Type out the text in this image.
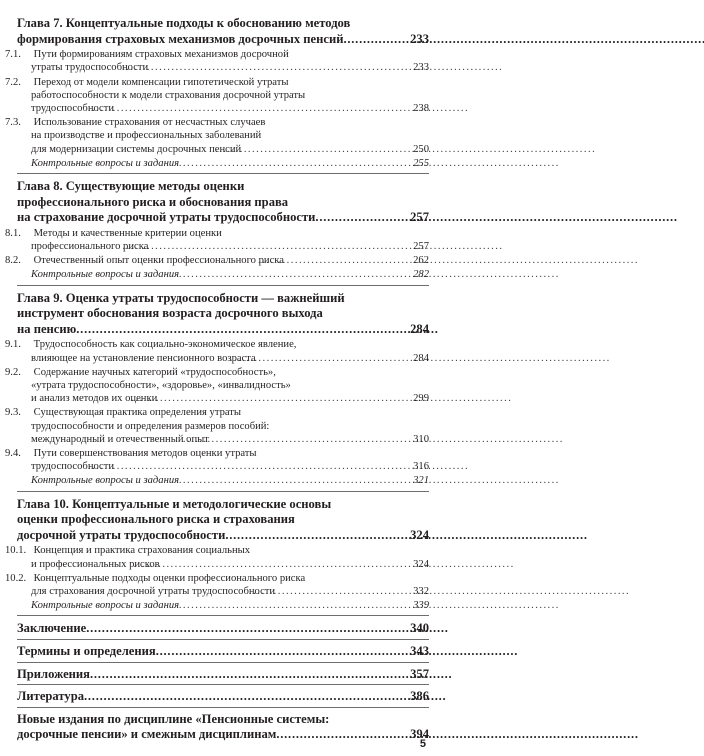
Глава 7. Концептуальные подходы к обоснованию методов
формирования страховых механизмов досрочных пенсий . . .	233
7.1. Пути формированиям страховых механизмов досрочной
утраты трудоспособности . . .	233
7.2. Переход от модели компенсации гипотетической утраты
работоспособности к модели страхования досрочной утраты
трудоспособности . . .	238
7.3. Использование страхования от несчастных случаев
на производстве и профессиональных заболеваний
для модернизации системы досрочных пенсий . . .	250
Контрольные вопросы и задания . . .	255
Глава 8. Существующие методы оценки
профессионального риска и обоснования права
на страхование досрочной утраты трудоспособности . . .	257
8.1. Методы и качественные критерии оценки
профессионального риска . . .	257
8.2. Отечественный опыт оценки профессионального риска . . .	262
Контрольные вопросы и задания . . .	282
Глава 9. Оценка утраты трудоспособности — важнейший
инструмент обоснования возраста досрочного выхода
на пенсию . . .	284
9.1. Трудоспособность как социально-экономическое явление,
влияющее на установление пенсионного возраста . . .	284
9.2. Содержание научных категорий «трудоспособность»,
«утрата трудоспособности», «здоровье», «инвалидность»
и анализ методов их оценки . . .	299
9.3. Существующая практика определения утраты
трудоспособности и определения размеров пособий:
международный и отечественный опыт . . .	310
9.4. Пути совершенствования методов оценки утраты
трудоспособности . . .	316
Контрольные вопросы и задания . . .	321
Глава 10. Концептуальные и методологические основы
оценки профессионального риска и страхования
досрочной утраты трудоспособности . . .	324
10.1. Концепция и практика страхования социальных
и профессиональных рисков . . .	324
10.2. Концептуальные подходы оценки профессионального риска
для страхования досрочной утраты трудоспособности . . .	332
Контрольные вопросы и задания . . .	339
Заключение . . .	340
Термины и определения . . .	343
Приложения . . .	357
Литература . . .	386
Новые издания по дисциплине «Пенсионные системы:
досрочные пенсии» и смежным дисциплинам . . .	394
5
